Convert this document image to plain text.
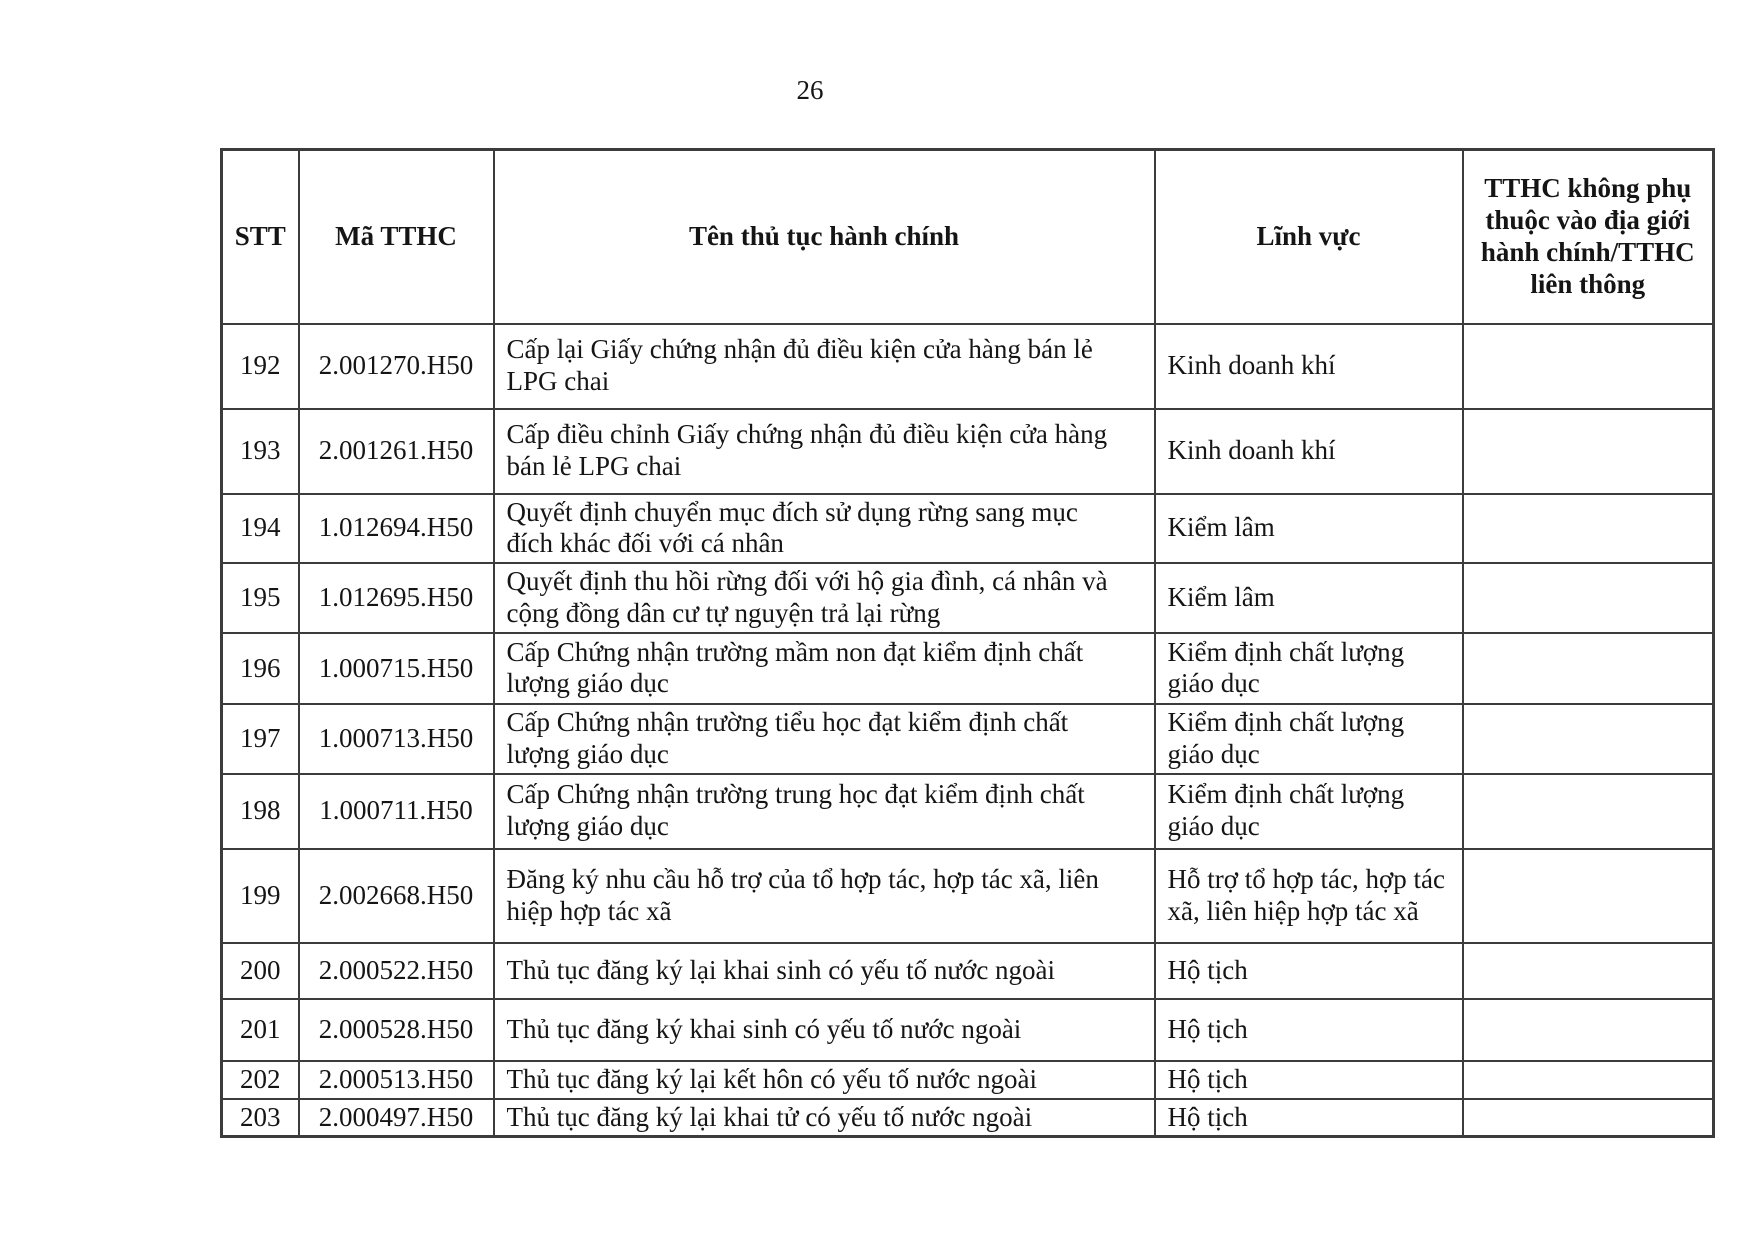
26
STT	Mã TTHC	Tên thủ tục hành chính	Lĩnh vực	TTHC không phụ thuộc vào địa giới hành chính/TTHC liên thông
192	2.001270.H50	Cấp lại Giấy chứng nhận đủ điều kiện cửa hàng bán lẻ LPG chai	Kinh doanh khí	
193	2.001261.H50	Cấp điều chỉnh Giấy chứng nhận đủ điều kiện cửa hàng bán lẻ LPG chai	Kinh doanh khí	
194	1.012694.H50	Quyết định chuyển mục đích sử dụng rừng sang mục đích khác đối với cá nhân	Kiểm lâm	
195	1.012695.H50	Quyết định thu hồi rừng đối với hộ gia đình, cá nhân và cộng đồng dân cư tự nguyện trả lại rừng	Kiểm lâm	
196	1.000715.H50	Cấp Chứng nhận trường mầm non đạt kiểm định chất lượng giáo dục	Kiểm định chất lượng giáo dục	
197	1.000713.H50	Cấp Chứng nhận trường tiểu học đạt kiểm định chất lượng giáo dục	Kiểm định chất lượng giáo dục	
198	1.000711.H50	Cấp Chứng nhận trường trung học đạt kiểm định chất lượng giáo dục	Kiểm định chất lượng giáo dục	
199	2.002668.H50	Đăng ký nhu cầu hỗ trợ của tổ hợp tác, hợp tác xã, liên hiệp hợp tác xã	Hỗ trợ tổ hợp tác, hợp tác xã, liên hiệp hợp tác xã	
200	2.000522.H50	Thủ tục đăng ký lại khai sinh có yếu tố nước ngoài	Hộ tịch	
201	2.000528.H50	Thủ tục đăng ký khai sinh có yếu tố nước ngoài	Hộ tịch	
202	2.000513.H50	Thủ tục đăng ký lại kết hôn có yếu tố nước ngoài	Hộ tịch	
203	2.000497.H50	Thủ tục đăng ký lại khai tử có yếu tố nước ngoài	Hộ tịch	
